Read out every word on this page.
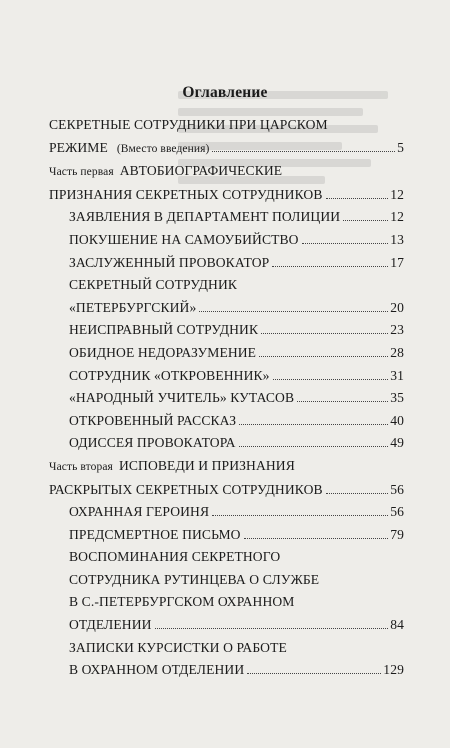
Оглавление
СЕКРЕТНЫЕ СОТРУДНИКИ ПРИ ЦАРСКОМ
РЕЖИМЕ (Вместо введения)	5
Часть первая АВТОБИОГРАФИЧЕСКИЕ
ПРИЗНАНИЯ СЕКРЕТНЫХ СОТРУДНИКОВ	12
ЗАЯВЛЕНИЯ В ДЕПАРТАМЕНТ ПОЛИЦИИ	12
ПОКУШЕНИЕ НА САМОУБИЙСТВО	13
ЗАСЛУЖЕННЫЙ ПРОВОКАТОР	17
СЕКРЕТНЫЙ СОТРУДНИК
«ПЕТЕРБУРГСКИЙ»	20
НЕИСПРАВНЫЙ СОТРУДНИК	23
ОБИДНОЕ НЕДОРАЗУМЕНИЕ	28
СОТРУДНИК «ОТКРОВЕННИК»	31
«НАРОДНЫЙ УЧИТЕЛЬ» КУТАСОВ	35
ОТКРОВЕННЫЙ РАССКАЗ	40
ОДИССЕЯ ПРОВОКАТОРА	49
Часть вторая ИСПОВЕДИ И ПРИЗНАНИЯ
РАСКРЫТЫХ СЕКРЕТНЫХ СОТРУДНИКОВ	56
ОХРАННАЯ ГЕРОИНЯ	56
ПРЕДСМЕРТНОЕ ПИСЬМО	79
ВОСПОМИНАНИЯ СЕКРЕТНОГО
СОТРУДНИКА РУТИНЦЕВА О СЛУЖБЕ
В С.-ПЕТЕРБУРГСКОМ ОХРАННОМ
ОТДЕЛЕНИИ	84
ЗАПИСКИ КУРСИСТКИ О РАБОТЕ
В ОХРАННОМ ОТДЕЛЕНИИ	129
